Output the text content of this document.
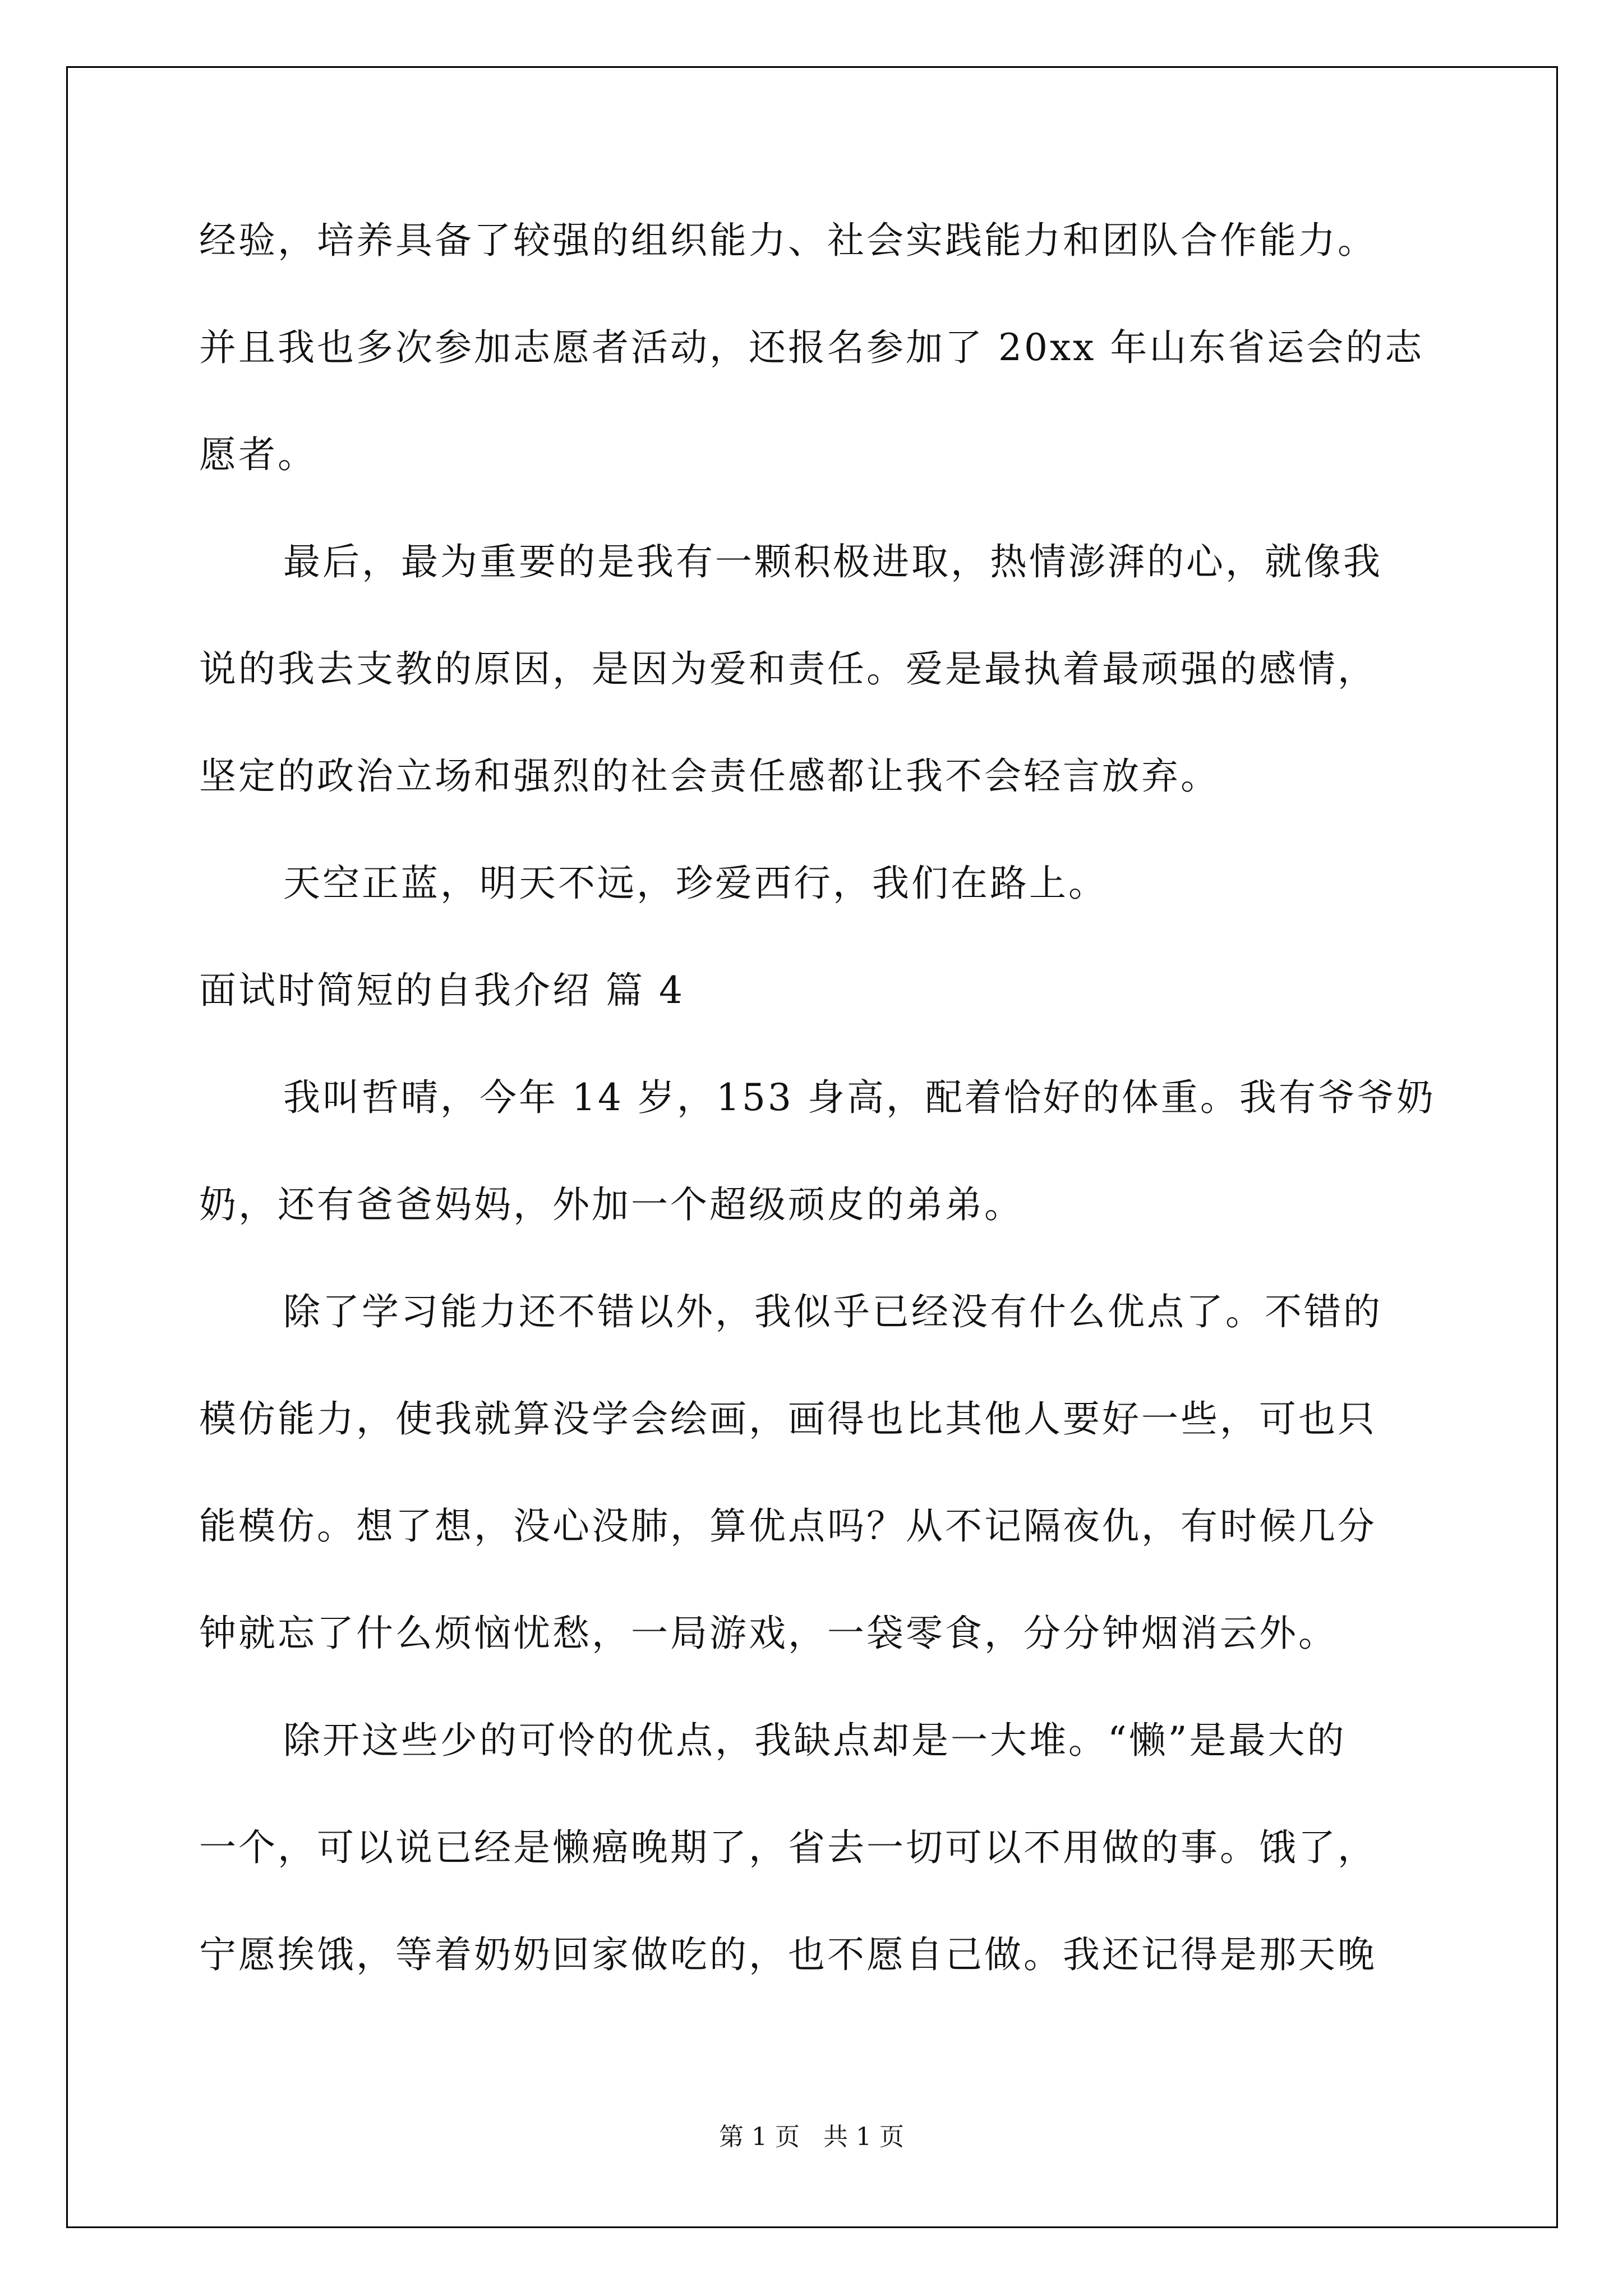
经验，培养具备了较强的组织能力、社会实践能力和团队合作能力。
并且我也多次参加志愿者活动，还报名参加了 20xx 年山东省运会的志
愿者。
最后，最为重要的是我有一颗积极进取，热情澎湃的心，就像我
说的我去支教的原因，是因为爱和责任。爱是最执着最顽强的感情，
坚定的政治立场和强烈的社会责任感都让我不会轻言放弃。
天空正蓝，明天不远，珍爱西行，我们在路上。
面试时简短的自我介绍 篇 4
我叫哲晴，今年 14 岁，153 身高，配着恰好的体重。我有爷爷奶
奶，还有爸爸妈妈，外加一个超级顽皮的弟弟。
除了学习能力还不错以外，我似乎已经没有什么优点了。不错的
模仿能力，使我就算没学会绘画，画得也比其他人要好一些，可也只
能模仿。想了想，没心没肺，算优点吗？从不记隔夜仇，有时候几分
钟就忘了什么烦恼忧愁，一局游戏，一袋零食，分分钟烟消云外。
除开这些少的可怜的优点，我缺点却是一大堆。“懒”是最大的
一个，可以说已经是懒癌晚期了，省去一切可以不用做的事。饿了，
宁愿挨饿，等着奶奶回家做吃的，也不愿自己做。我还记得是那天晚
第 1 页   共 1 页
